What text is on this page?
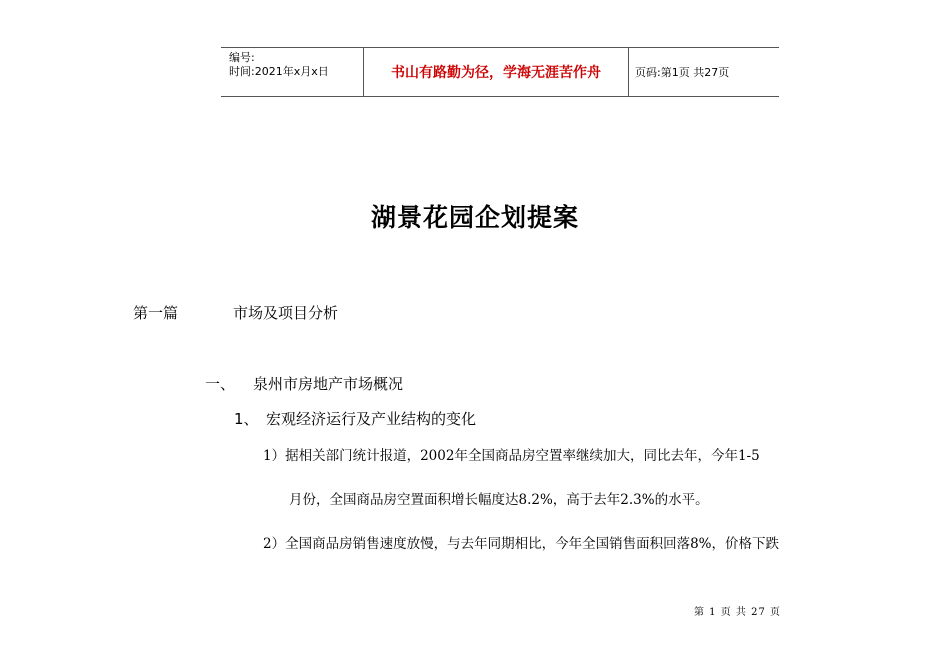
编号:
时间:2021年x月x日	书山有路勤为径，学海无涯苦作舟	页码:第1页 共27页
湖景花园企划提案
第一篇	市场及项目分析
一、	泉州市房地产市场概况
1、 宏观经济运行及产业结构的变化
1）据相关部门统计报道，2002年全国商品房空置率继续加大，同比去年，今年1-5
月份，全国商品房空置面积增长幅度达8.2%，高于去年2.3%的水平。
2）全国商品房销售速度放慢，与去年同期相比，今年全国销售面积回落8%，价格下跌
第 1 页 共 27 页
